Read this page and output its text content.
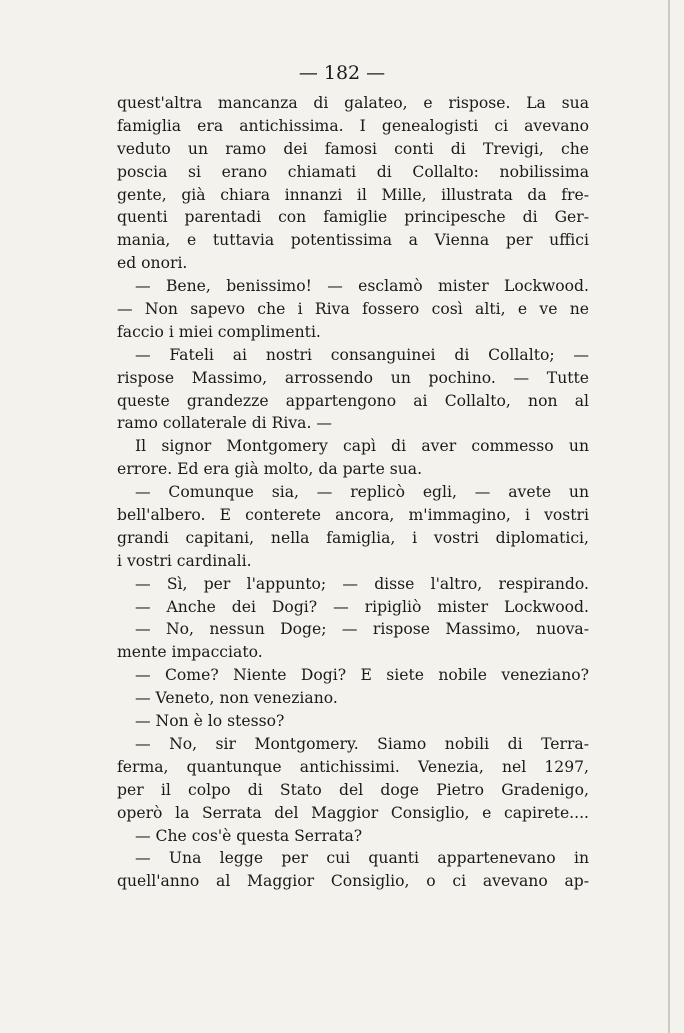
— 182 —
quest'altra mancanza di galateo, e rispose. La sua
famiglia era antichissima. I genealogisti ci avevano
veduto un ramo dei famosi conti di Trevigi, che
poscia si erano chiamati di Collalto: nobilissima
gente, già chiara innanzi il Mille, illustrata da fre-
quenti parentadi con famiglie principesche di Ger-
mania, e tuttavia potentissima a Vienna per uffici
ed onori.
— Bene, benissimo! — esclamò mister Lockwood.
— Non sapevo che i Riva fossero così alti, e ve ne
faccio i miei complimenti.
— Fateli ai nostri consanguinei di Collalto; —
rispose Massimo, arrossendo un pochino. — Tutte
queste grandezze appartengono ai Collalto, non al
ramo collaterale di Riva. —
Il signor Montgomery capì di aver commesso un
errore. Ed era già molto, da parte sua.
— Comunque sia, — replicò egli, — avete un
bell'albero. E conterete ancora, m'immagino, i vostri
grandi capitani, nella famiglia, i vostri diplomatici,
i vostri cardinali.
— Sì, per l'appunto; — disse l'altro, respirando.
— Anche dei Dogi? — ripigliò mister Lockwood.
— No, nessun Doge; — rispose Massimo, nuova-
mente impacciato.
— Come? Niente Dogi? E siete nobile veneziano?
— Veneto, non veneziano.
— Non è lo stesso?
— No, sir Montgomery. Siamo nobili di Terra-
ferma, quantunque antichissimi. Venezia, nel 1297,
per il colpo di Stato del doge Pietro Gradenigo,
operò la Serrata del Maggior Consiglio, e capirete....
— Che cos'è questa Serrata?
— Una legge per cui quanti appartenevano in
quell'anno al Maggior Consiglio, o ci avevano ap-
